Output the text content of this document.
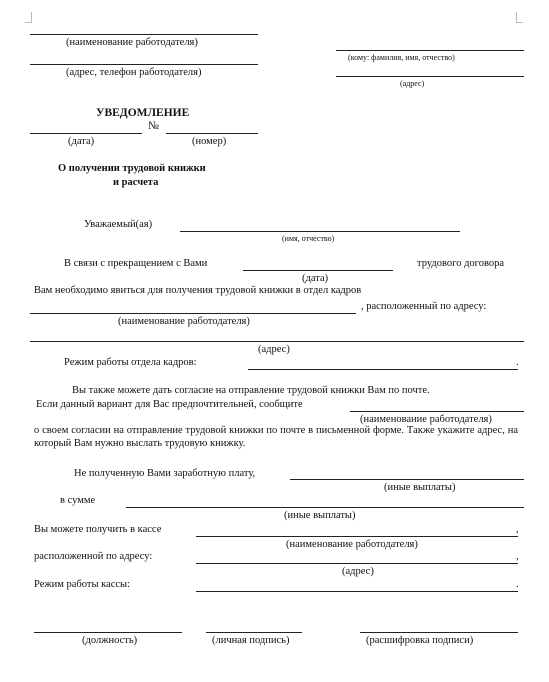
(наименование работодателя)
(адрес, телефон работодателя)
(кому: фамилия, имя, отчество)
(адрес)
УВЕДОМЛЕНИЕ
№
(дата)	(номер)
О получении трудовой книжки
и расчета
Уважаемый(ая)
(имя, отчество)
В связи с прекращением с Вами	трудового договора
(дата)
Вам необходимо явиться для получения трудовой книжки в отдел кадров
, расположенный по адресу:
(наименование работодателя)
(адрес)
Режим работы отдела кадров:	.
Вы также можете дать согласие на отправление трудовой книжки Вам по почте.
Если данный вариант для Вас предпочтительней, сообщите
(наименование работодателя)
о своем согласии на отправление трудовой книжки по почте в письменной форме. Также укажите адрес, на который Вам нужно выслать трудовую книжку.
Не полученную Вами заработную плату,
(иные выплаты)
в сумме
(иные выплаты)
Вы можете получить в кассе	,
(наименование работодателя)
расположенной по адресу:	,
(адрес)
Режим работы кассы:	.
(должность)	(личная подпись)	(расшифровка подписи)
